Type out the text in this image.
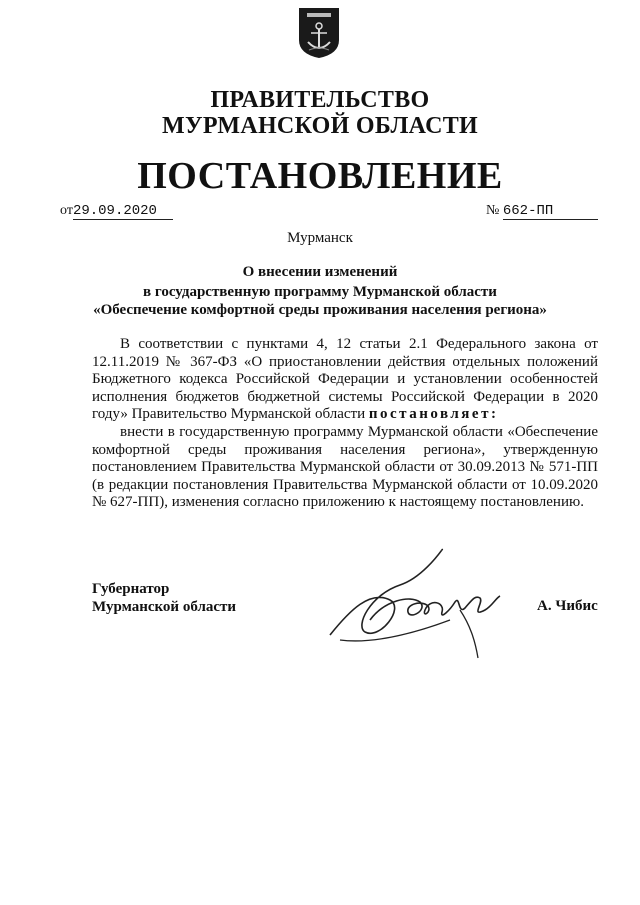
ПРАВИТЕЛЬСТВО
МУРМАНСКОЙ ОБЛАСТИ
ПОСТАНОВЛЕНИЕ
от29.09.2020	№ 662-ПП
Мурманск
О внесении изменений
в государственную программу Мурманской области
«Обеспечение комфортной среды проживания населения региона»
В соответствии с пунктами 4, 12 статьи 2.1 Федерального закона от 12.11.2019 № 367-ФЗ «О приостановлении действия отдельных положений Бюджетного кодекса Российской Федерации и установлении особенностей исполнения бюджетов бюджетной системы Российской Федерации в 2020 году» Правительство Мурманской области постановляет:
внести в государственную программу Мурманской области «Обеспечение комфортной среды проживания населения региона», утвержденную постановлением Правительства Мурманской области от 30.09.2013 № 571-ПП (в редакции постановления Правительства Мурманской области от 10.09.2020 № 627-ПП), изменения согласно приложению к настоящему постановлению.
Губернатор
Мурманской области	А. Чибис
